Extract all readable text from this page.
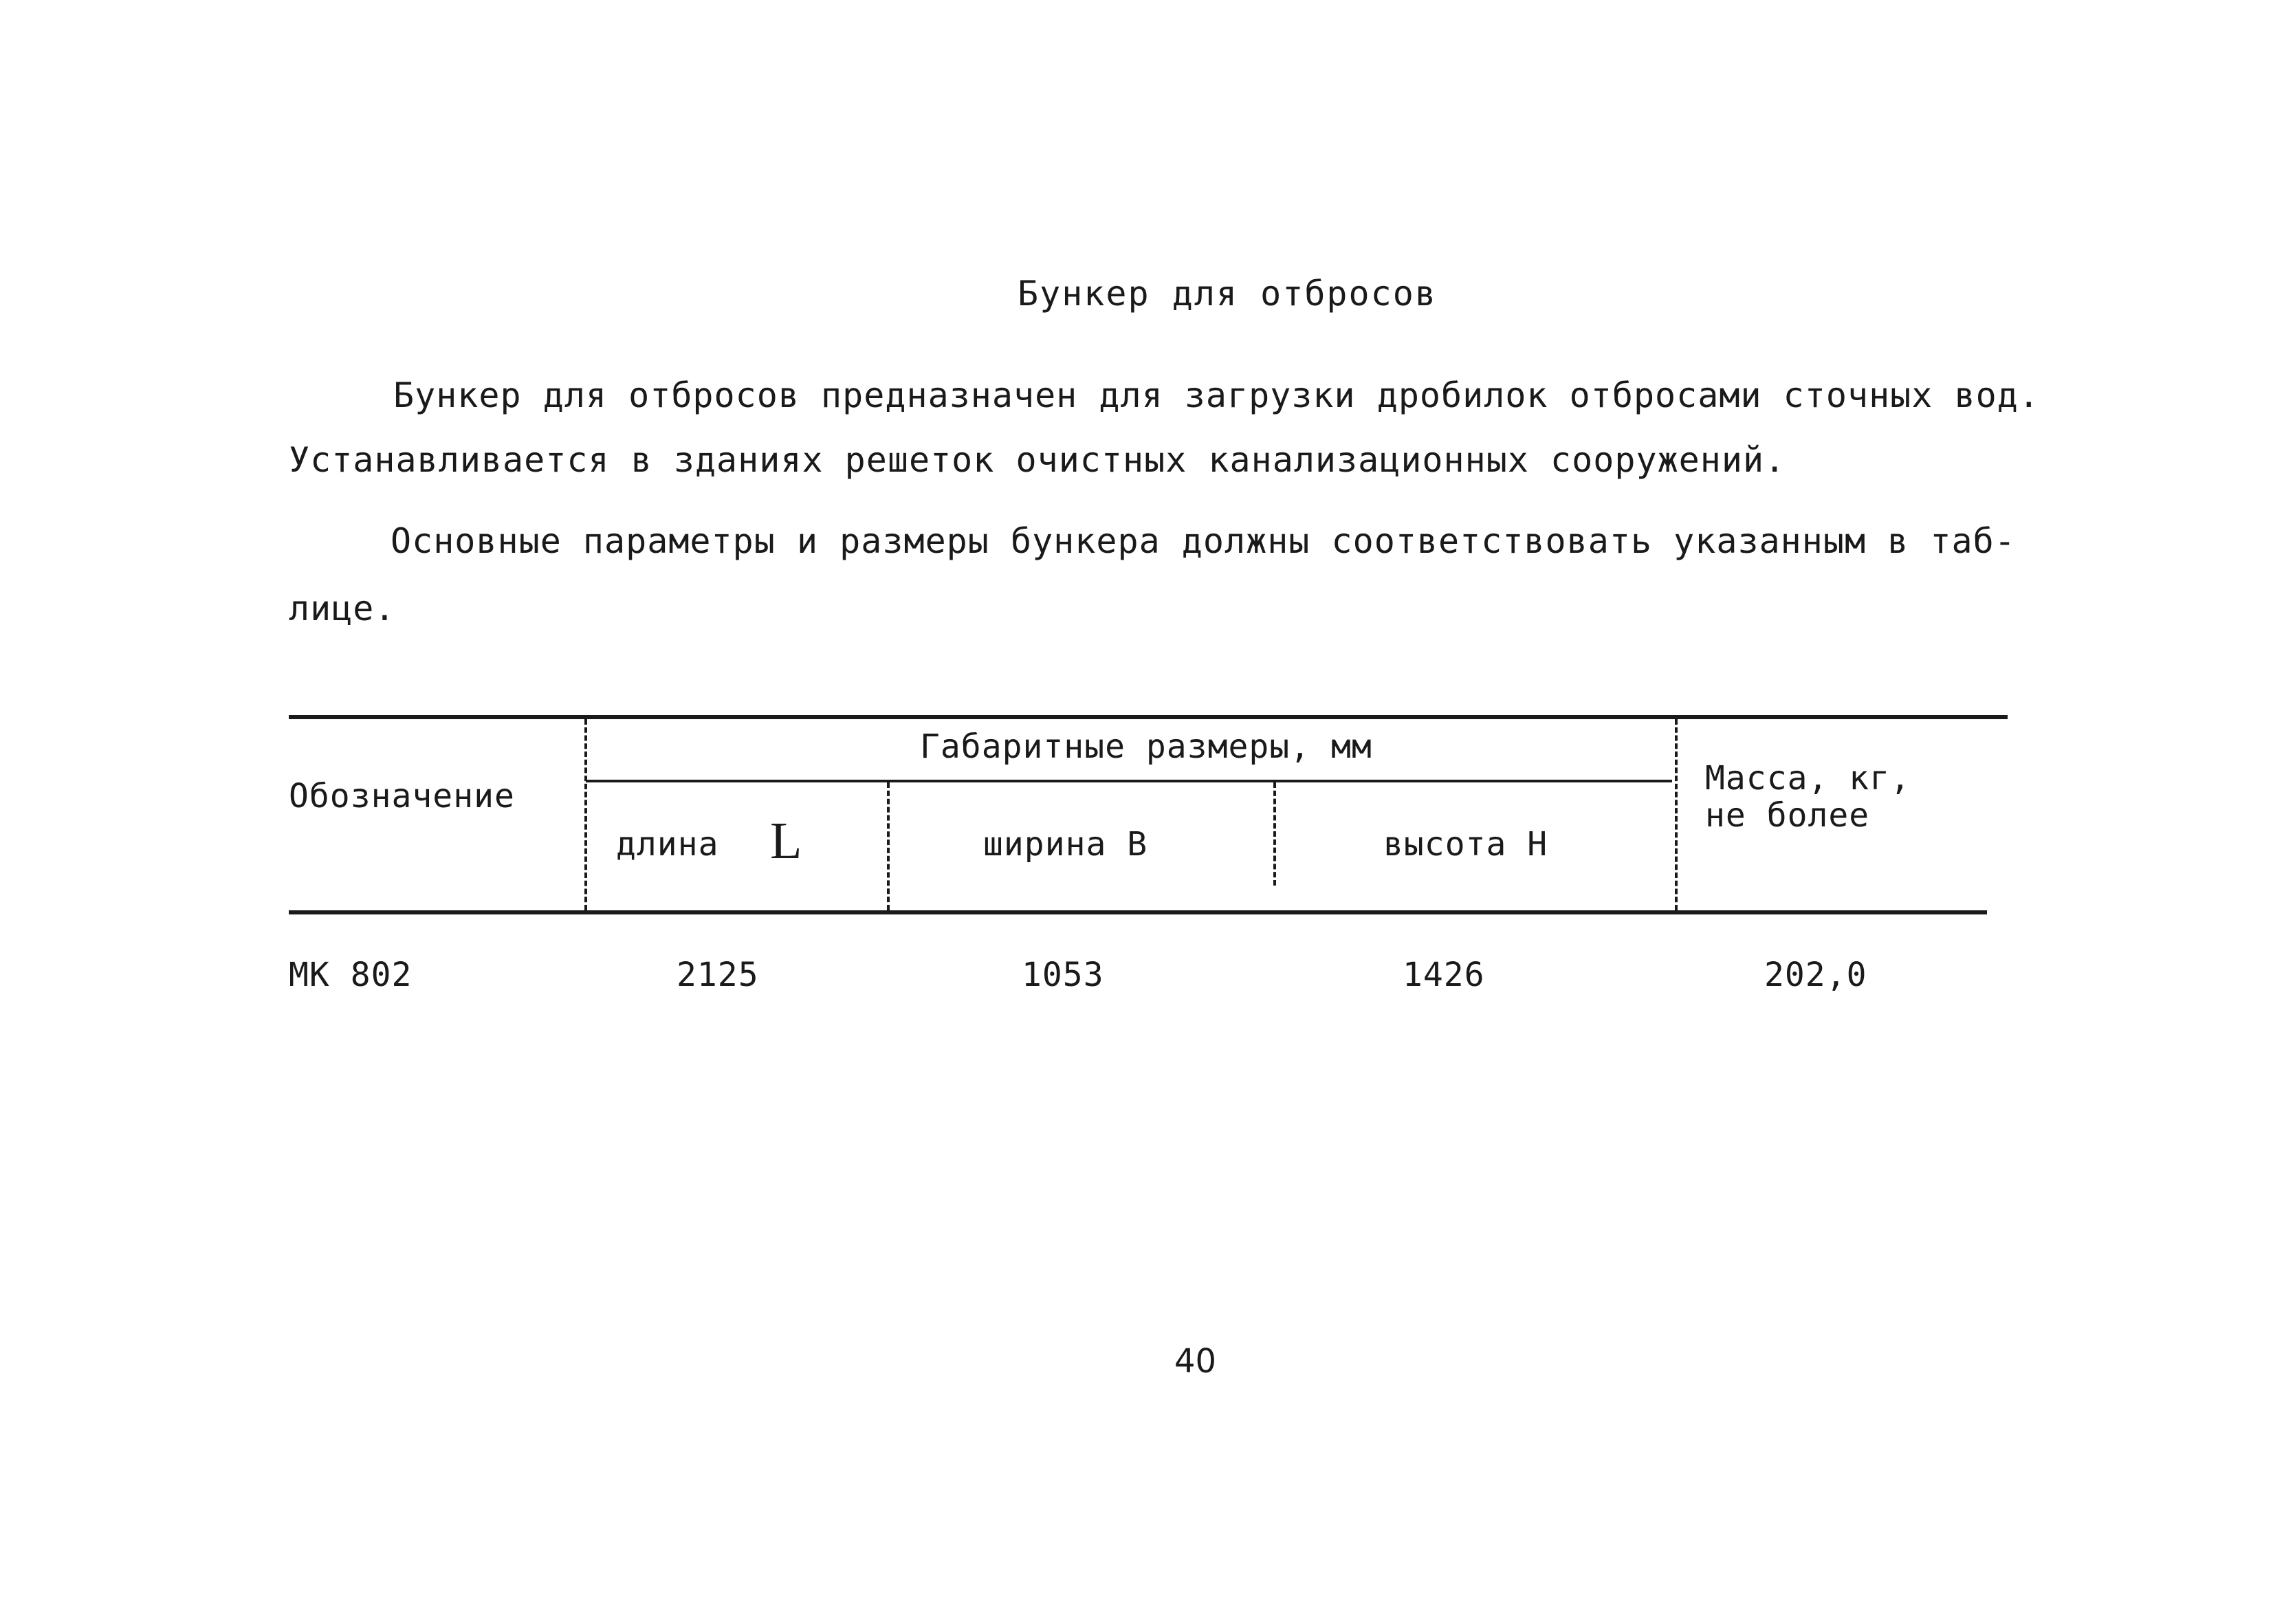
Бункер для отбросов
Бункер для отбросов предназначен для загрузки дробилок отбросами сточных вод.
Устанавливается в зданиях решеток очистных канализационных сооружений.
Основные параметры и размеры бункера должны соответствовать указанным в таб-
лице.
Обозначение
Габаритные размеры, мм
длина L	ширина В	высота Н
Масса, кг,
не более
МК 802	2125	1053	1426	202,0
40
